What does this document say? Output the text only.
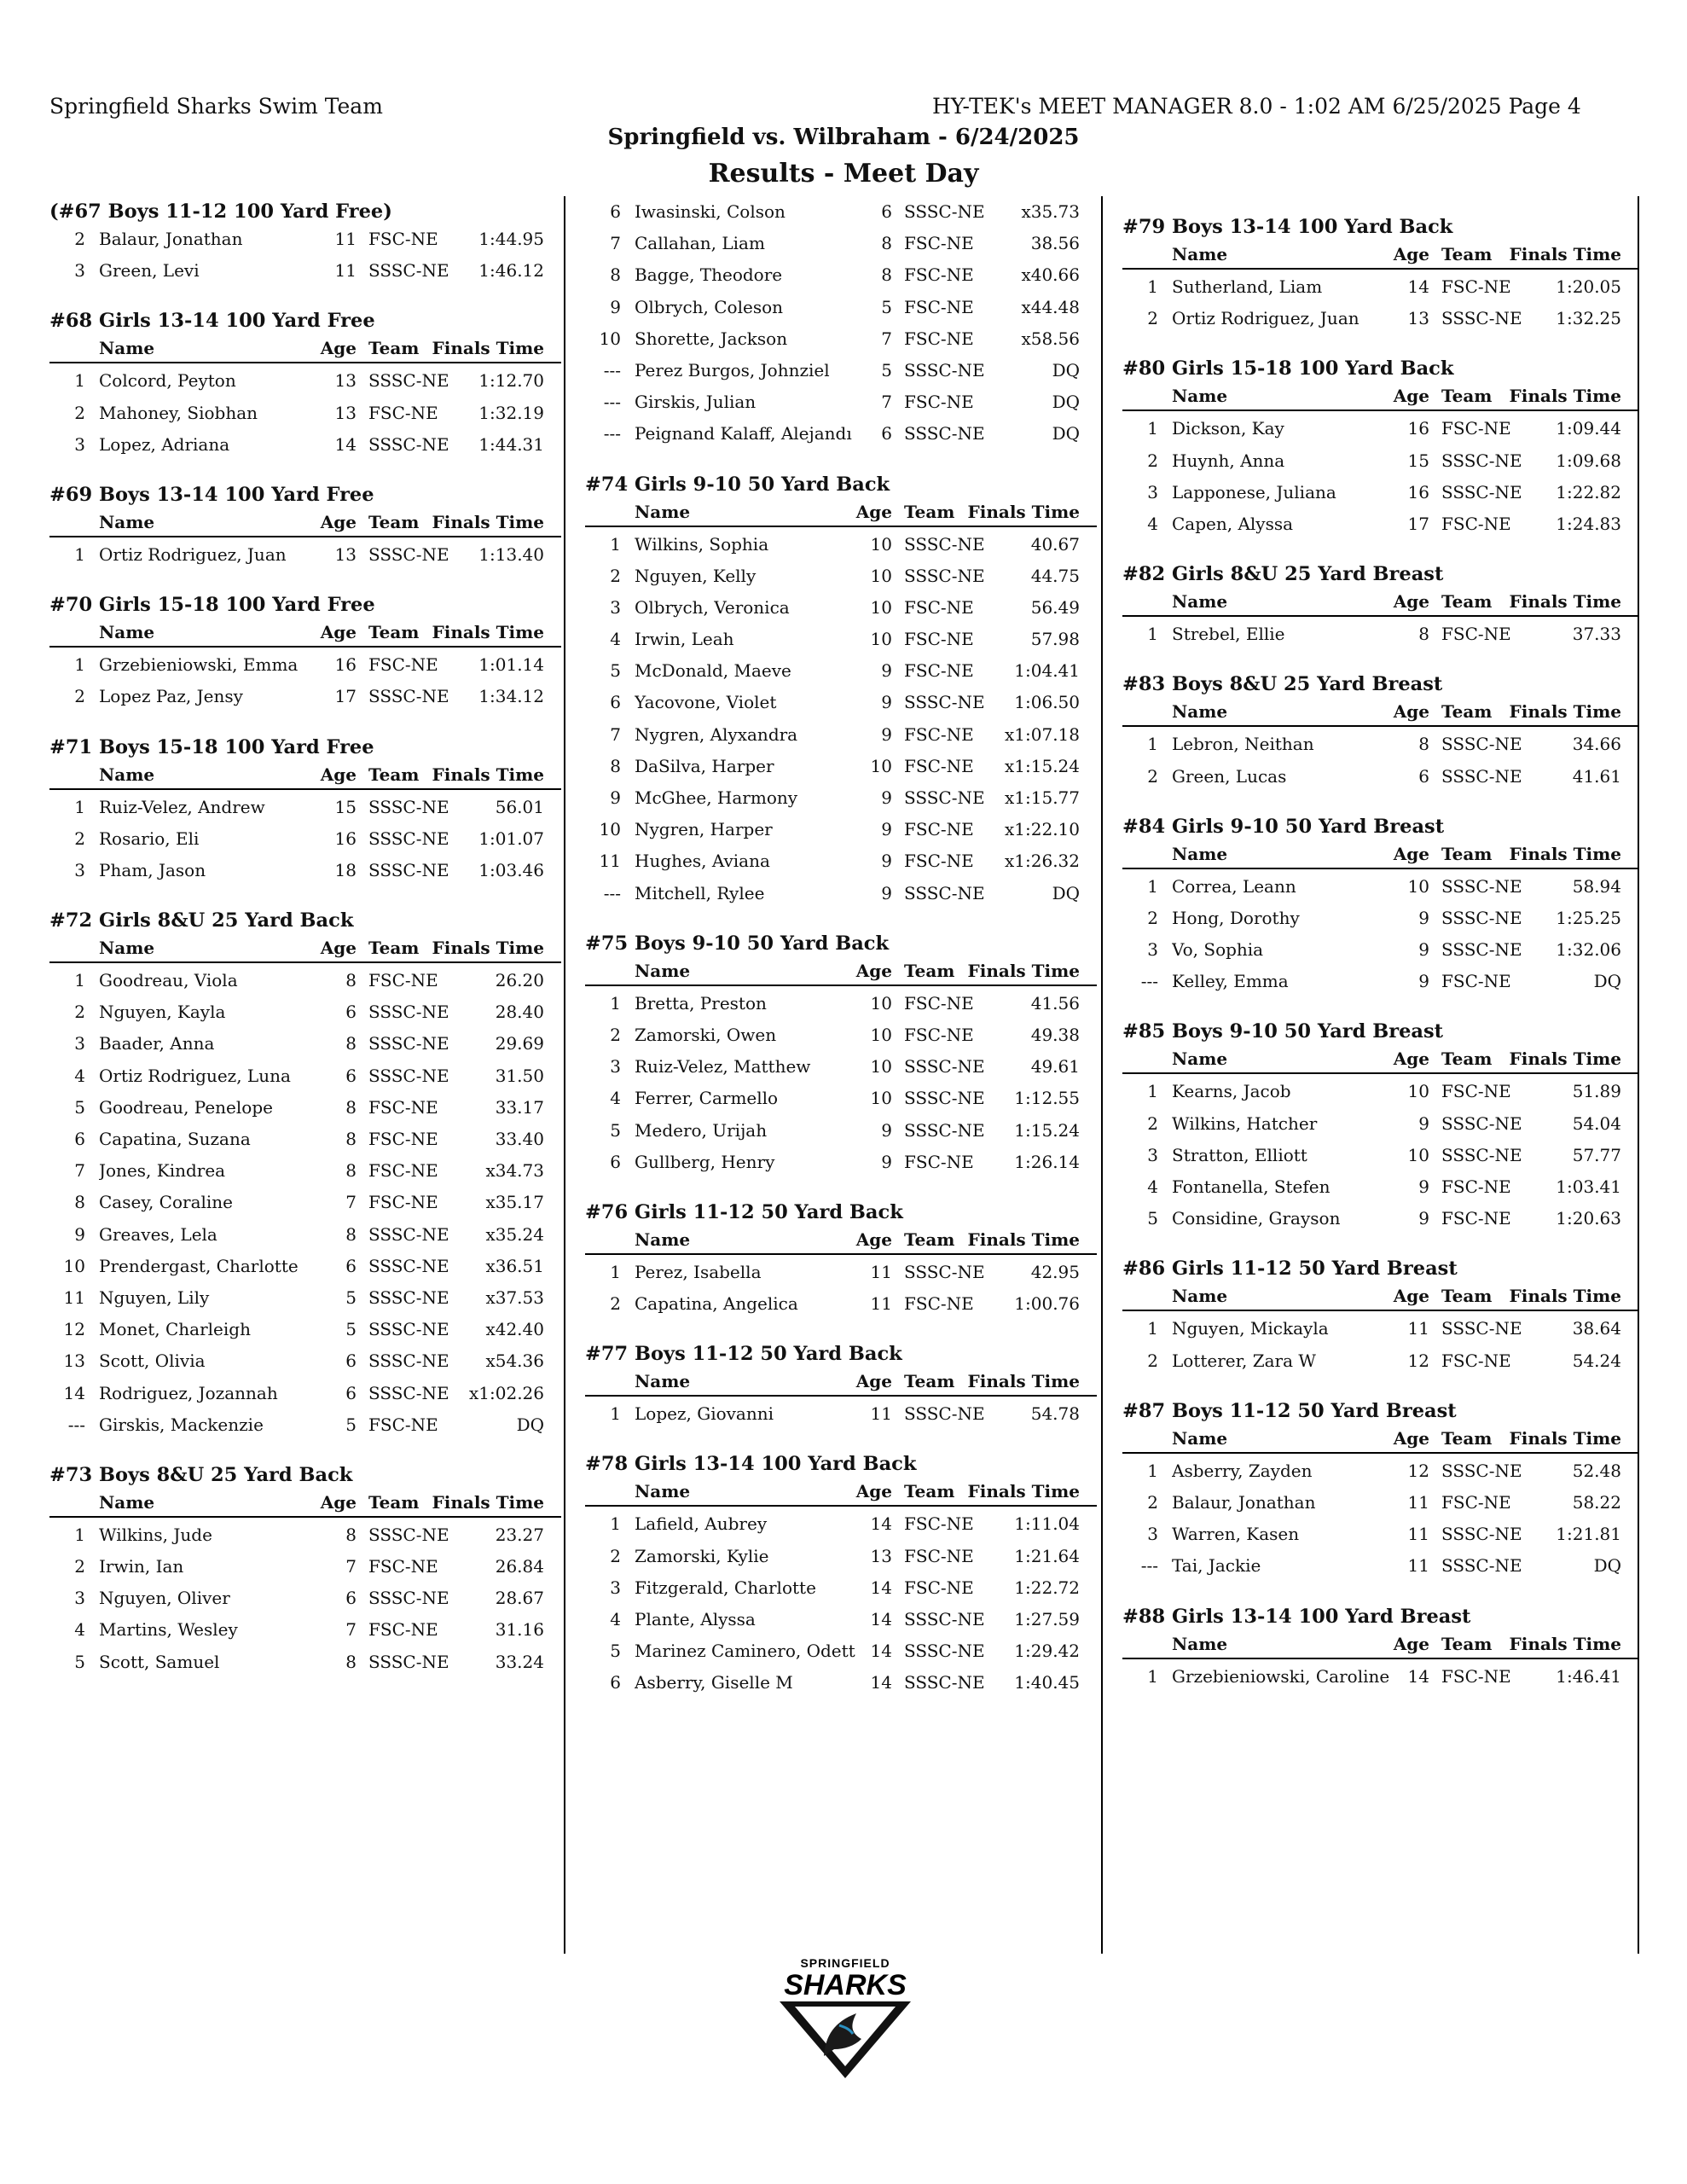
Springfield Sharks Swim Team	HY-TEK's MEET MANAGER 8.0 - 1:02 AM 6/25/2025 Page 4
Springfield vs. Wilbraham - 6/24/2025
Results - Meet Day
(#67 Boys 11-12 100 Yard Free)
2 Balaur, Jonathan	11 FSC-NE 1:44.95
3 Green, Levi	11 SSSC-NE 1:46.12
#68 Girls 13-14 100 Yard Free
Name	Age Team Finals Time
1 Colcord, Peyton	13 SSSC-NE 1:12.70
2 Mahoney, Siobhan	13 FSC-NE 1:32.19
3 Lopez, Adriana	14 SSSC-NE 1:44.31
#69 Boys 13-14 100 Yard Free
Name	Age Team Finals Time
1 Ortiz Rodriguez, Juan	13 SSSC-NE 1:13.40
#70 Girls 15-18 100 Yard Free
Name	Age Team Finals Time
1 Grzebieniowski, Emma	16 FSC-NE 1:01.14
2 Lopez Paz, Jensy	17 SSSC-NE 1:34.12
#71 Boys 15-18 100 Yard Free
Name	Age Team Finals Time
1 Ruiz-Velez, Andrew	15 SSSC-NE	56.01
2 Rosario, Eli	16 SSSC-NE 1:01.07
3 Pham, Jason	18 SSSC-NE 1:03.46
#72 Girls 8&U 25 Yard Back
Name	Age Team Finals Time
1 Goodreau, Viola	8 FSC-NE	26.20
2 Nguyen, Kayla	6 SSSC-NE	28.40
3 Baader, Anna	8 SSSC-NE	29.69
4 Ortiz Rodriguez, Luna	6 SSSC-NE	31.50
5 Goodreau, Penelope	8 FSC-NE	33.17
6 Capatina, Suzana	8 FSC-NE	33.40
7 Jones, Kindrea	8 FSC-NE	x34.73
8 Casey, Coraline	7 FSC-NE	x35.17
9 Greaves, Lela	8 SSSC-NE x35.24
10 Prendergast, Charlotte	6 SSSC-NE x36.51
11 Nguyen, Lily	5 SSSC-NE x37.53
12 Monet, Charleigh	5 SSSC-NE x42.40
13 Scott, Olivia	6 SSSC-NE x54.36
14 Rodriguez, Jozannah	6 SSSC-NE x1:02.26
--- Girskis, Mackenzie	5 FSC-NE	DQ
#73 Boys 8&U 25 Yard Back
Name	Age Team Finals Time
1 Wilkins, Jude	8 SSSC-NE	23.27
2 Irwin, Ian	7 FSC-NE	26.84
3 Nguyen, Oliver	6 SSSC-NE	28.67
4 Martins, Wesley	7 FSC-NE	31.16
5 Scott, Samuel	8 SSSC-NE	33.24
6 Iwasinski, Colson	6 SSSC-NE x35.73
7 Callahan, Liam	8 FSC-NE	38.56
8 Bagge, Theodore	8 FSC-NE	x40.66
9 Olbrych, Coleson	5 FSC-NE	x44.48
10 Shorette, Jackson	7 FSC-NE	x58.56
--- Perez Burgos, Johnziel	5 SSSC-NE	DQ
--- Girskis, Julian	7 FSC-NE	DQ
--- Peignand Kalaff, Alejandı	6 SSSC-NE	DQ
#74 Girls 9-10 50 Yard Back
Name	Age Team Finals Time
1 Wilkins, Sophia	10 SSSC-NE	40.67
2 Nguyen, Kelly	10 SSSC-NE	44.75
3 Olbrych, Veronica	10 FSC-NE	56.49
4 Irwin, Leah	10 FSC-NE	57.98
5 McDonald, Maeve	9 FSC-NE 1:04.41
6 Yacovone, Violet	9 SSSC-NE 1:06.50
7 Nygren, Alyxandra	9 FSC-NE x1:07.18
8 DaSilva, Harper	10 FSC-NE x1:15.24
9 McGhee, Harmony	9 SSSC-NE x1:15.77
10 Nygren, Harper	9 FSC-NE x1:22.10
11 Hughes, Aviana	9 FSC-NE x1:26.32
--- Mitchell, Rylee	9 SSSC-NE	DQ
#75 Boys 9-10 50 Yard Back
Name	Age Team Finals Time
1 Bretta, Preston	10 FSC-NE	41.56
2 Zamorski, Owen	10 FSC-NE	49.38
3 Ruiz-Velez, Matthew	10 SSSC-NE	49.61
4 Ferrer, Carmello	10 SSSC-NE 1:12.55
5 Medero, Urijah	9 SSSC-NE 1:15.24
6 Gullberg, Henry	9 FSC-NE 1:26.14
#76 Girls 11-12 50 Yard Back
Name	Age Team Finals Time
1 Perez, Isabella	11 SSSC-NE	42.95
2 Capatina, Angelica	11 FSC-NE 1:00.76
#77 Boys 11-12 50 Yard Back
Name	Age Team Finals Time
1 Lopez, Giovanni	11 SSSC-NE	54.78
#78 Girls 13-14 100 Yard Back
Name	Age Team Finals Time
1 Lafield, Aubrey	14 FSC-NE 1:11.04
2 Zamorski, Kylie	13 FSC-NE 1:21.64
3 Fitzgerald, Charlotte	14 FSC-NE 1:22.72
4 Plante, Alyssa	14 SSSC-NE 1:27.59
5 Marinez Caminero, Odett 14 SSSC-NE 1:29.42
6 Asberry, Giselle M	14 SSSC-NE 1:40.45
#79 Boys 13-14 100 Yard Back
Name	Age Team Finals Time
1 Sutherland, Liam	14 FSC-NE	1:20.05
2 Ortiz Rodriguez, Juan	13 SSSC-NE 1:32.25
#80 Girls 15-18 100 Yard Back
Name	Age Team Finals Time
1 Dickson, Kay	16 FSC-NE	1:09.44
2 Huynh, Anna	15 SSSC-NE 1:09.68
3 Lapponese, Juliana	16 SSSC-NE 1:22.82
4 Capen, Alyssa	17 FSC-NE	1:24.83
#82 Girls 8&U 25 Yard Breast
Name	Age Team Finals Time
1 Strebel, Ellie	8 FSC-NE	37.33
#83 Boys 8&U 25 Yard Breast
Name	Age Team Finals Time
1 Lebron, Neithan	8 SSSC-NE	34.66
2 Green, Lucas	6 SSSC-NE	41.61
#84 Girls 9-10 50 Yard Breast
Name	Age Team Finals Time
1 Correa, Leann	10 SSSC-NE	58.94
2 Hong, Dorothy	9 SSSC-NE 1:25.25
3 Vo, Sophia	9 SSSC-NE 1:32.06
--- Kelley, Emma	9 FSC-NE	DQ
#85 Boys 9-10 50 Yard Breast
Name	Age Team Finals Time
1 Kearns, Jacob	10 FSC-NE	51.89
2 Wilkins, Hatcher	9 SSSC-NE	54.04
3 Stratton, Elliott	10 SSSC-NE	57.77
4 Fontanella, Stefen	9 FSC-NE	1:03.41
5 Considine, Grayson	9 FSC-NE	1:20.63
#86 Girls 11-12 50 Yard Breast
Name	Age Team Finals Time
1 Nguyen, Mickayla	11 SSSC-NE	38.64
2 Lotterer, Zara W	12 FSC-NE	54.24
#87 Boys 11-12 50 Yard Breast
Name	Age Team Finals Time
1 Asberry, Zayden	12 SSSC-NE	52.48
2 Balaur, Jonathan	11 FSC-NE	58.22
3 Warren, Kasen	11 SSSC-NE 1:21.81
--- Tai, Jackie	11 SSSC-NE	DQ
#88 Girls 13-14 100 Yard Breast
Name	Age Team Finals Time
1 Grzebieniowski, Caroline	14 FSC-NE	1:46.41
SPRINGFIELD
SHARKS
